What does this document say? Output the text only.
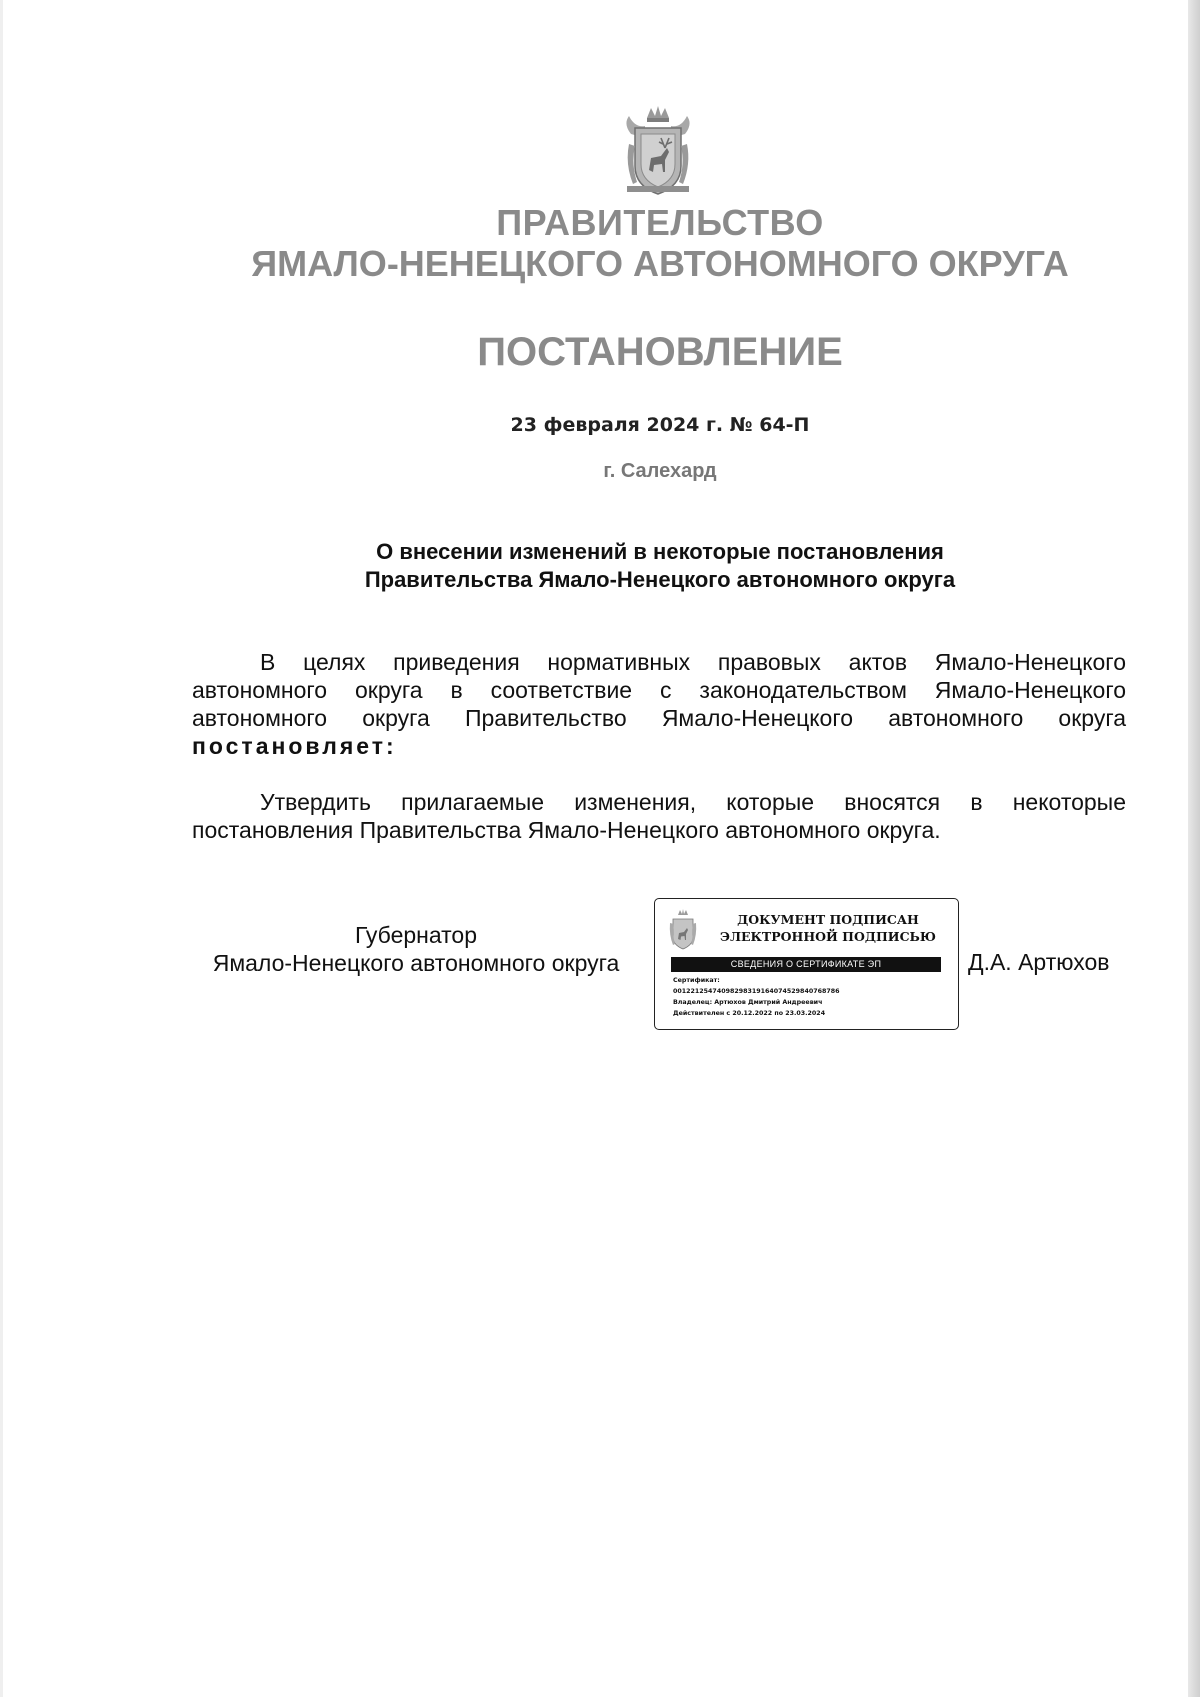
ПРАВИТЕЛЬСТВО
ЯМАЛО-НЕНЕЦКОГО АВТОНОМНОГО ОКРУГА
ПОСТАНОВЛЕНИЕ
23 февраля 2024 г. № 64-П
г. Салехард
О внесении изменений в некоторые постановления
Правительства Ямало-Ненецкого автономного округа
В целях приведения нормативных правовых актов Ямало-Ненецкого автономного округа в соответствие с законодательством Ямало-Ненецкого автономного округа Правительство Ямало-Ненецкого автономного округа постановляет:
Утвердить прилагаемые изменения, которые вносятся в некоторые постановления Правительства Ямало-Ненецкого автономного округа.
Губернатор
Ямало-Ненецкого автономного округа
ДОКУМЕНТ ПОДПИСАН
ЭЛЕКТРОННОЙ ПОДПИСЬЮ
СВЕДЕНИЯ О СЕРТИФИКАТЕ ЭП
Сертификат:
00122125474098298319164074529840768786
Владелец: Артюхов Дмитрий Андреевич
Действителен с 20.12.2022 по 23.03.2024
Д.А. Артюхов
